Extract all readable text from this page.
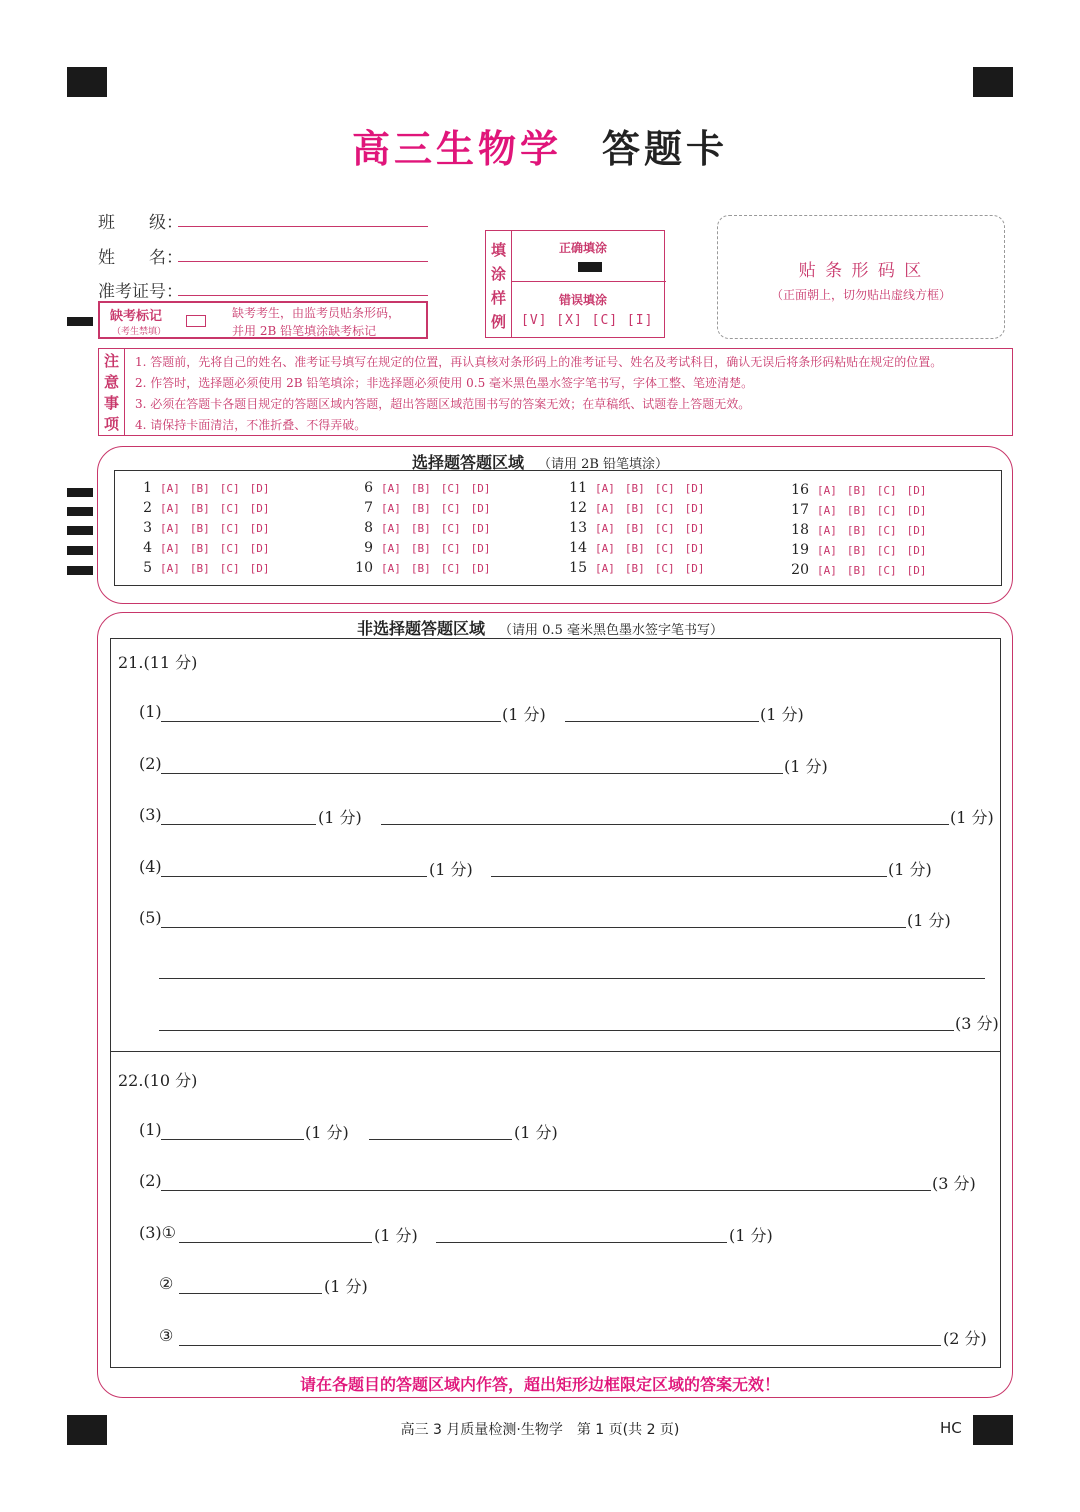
高三生物学 答题卡
班　　级：
姓　　名：
准考证号：
缺考标记
（考生禁填）
缺考考生，由监考员贴条形码，
并用 2B 铅笔填涂缺考标记
填
涂
样
例
正确填涂
错误填涂
[V] [X] [C] [I]
贴 条 形 码 区
（正面朝上，切勿贴出虚线方框）
注
意
事
项
1. 答题前，先将自己的姓名、准考证号填写在规定的位置，再认真核对条形码上的准考证号、姓名及考试科目，确认无误后将条形码粘贴在规定的位置。
2. 作答时，选择题必须使用 2B 铅笔填涂；非选择题必须使用 0.5 毫米黑色墨水签字笔书写，字体工整、笔迹清楚。
3. 必须在答题卡各题目规定的答题区域内答题，超出答题区域范围书写的答案无效；在草稿纸、试题卷上答题无效。
4. 请保持卡面清洁，不准折叠、不得弄破。
选择题答题区域 （请用 2B 铅笔填涂）
1 [A] [B] [C] [D]
2 [A] [B] [C] [D]
3 [A] [B] [C] [D]
4 [A] [B] [C] [D]
5 [A] [B] [C] [D]
6 [A] [B] [C] [D]
7 [A] [B] [C] [D]
8 [A] [B] [C] [D]
9 [A] [B] [C] [D]
10 [A] [B] [C] [D]
11 [A] [B] [C] [D]
12 [A] [B] [C] [D]
13 [A] [B] [C] [D]
14 [A] [B] [C] [D]
15 [A] [B] [C] [D]
16 [A] [B] [C] [D]
17 [A] [B] [C] [D]
18 [A] [B] [C] [D]
19 [A] [B] [C] [D]
20 [A] [B] [C] [D]
非选择题答题区域 （请用 0.5 毫米黑色墨水签字笔书写）
21.(11 分)
(1)	(1 分)	(1 分)
(2)	(1 分)
(3)	(1 分)	(1 分)
(4)	(1 分)	(1 分)
(5)	(1 分)
(3 分)
22.(10 分)
(1)	(1 分)	(1 分)
(2)	(3 分)
(3)①	(1 分)	(1 分)
②	(1 分)
③	(2 分)
请在各题目的答题区域内作答，超出矩形边框限定区域的答案无效！
高三 3 月质量检测·生物学　第 1 页(共 2 页)	HC
